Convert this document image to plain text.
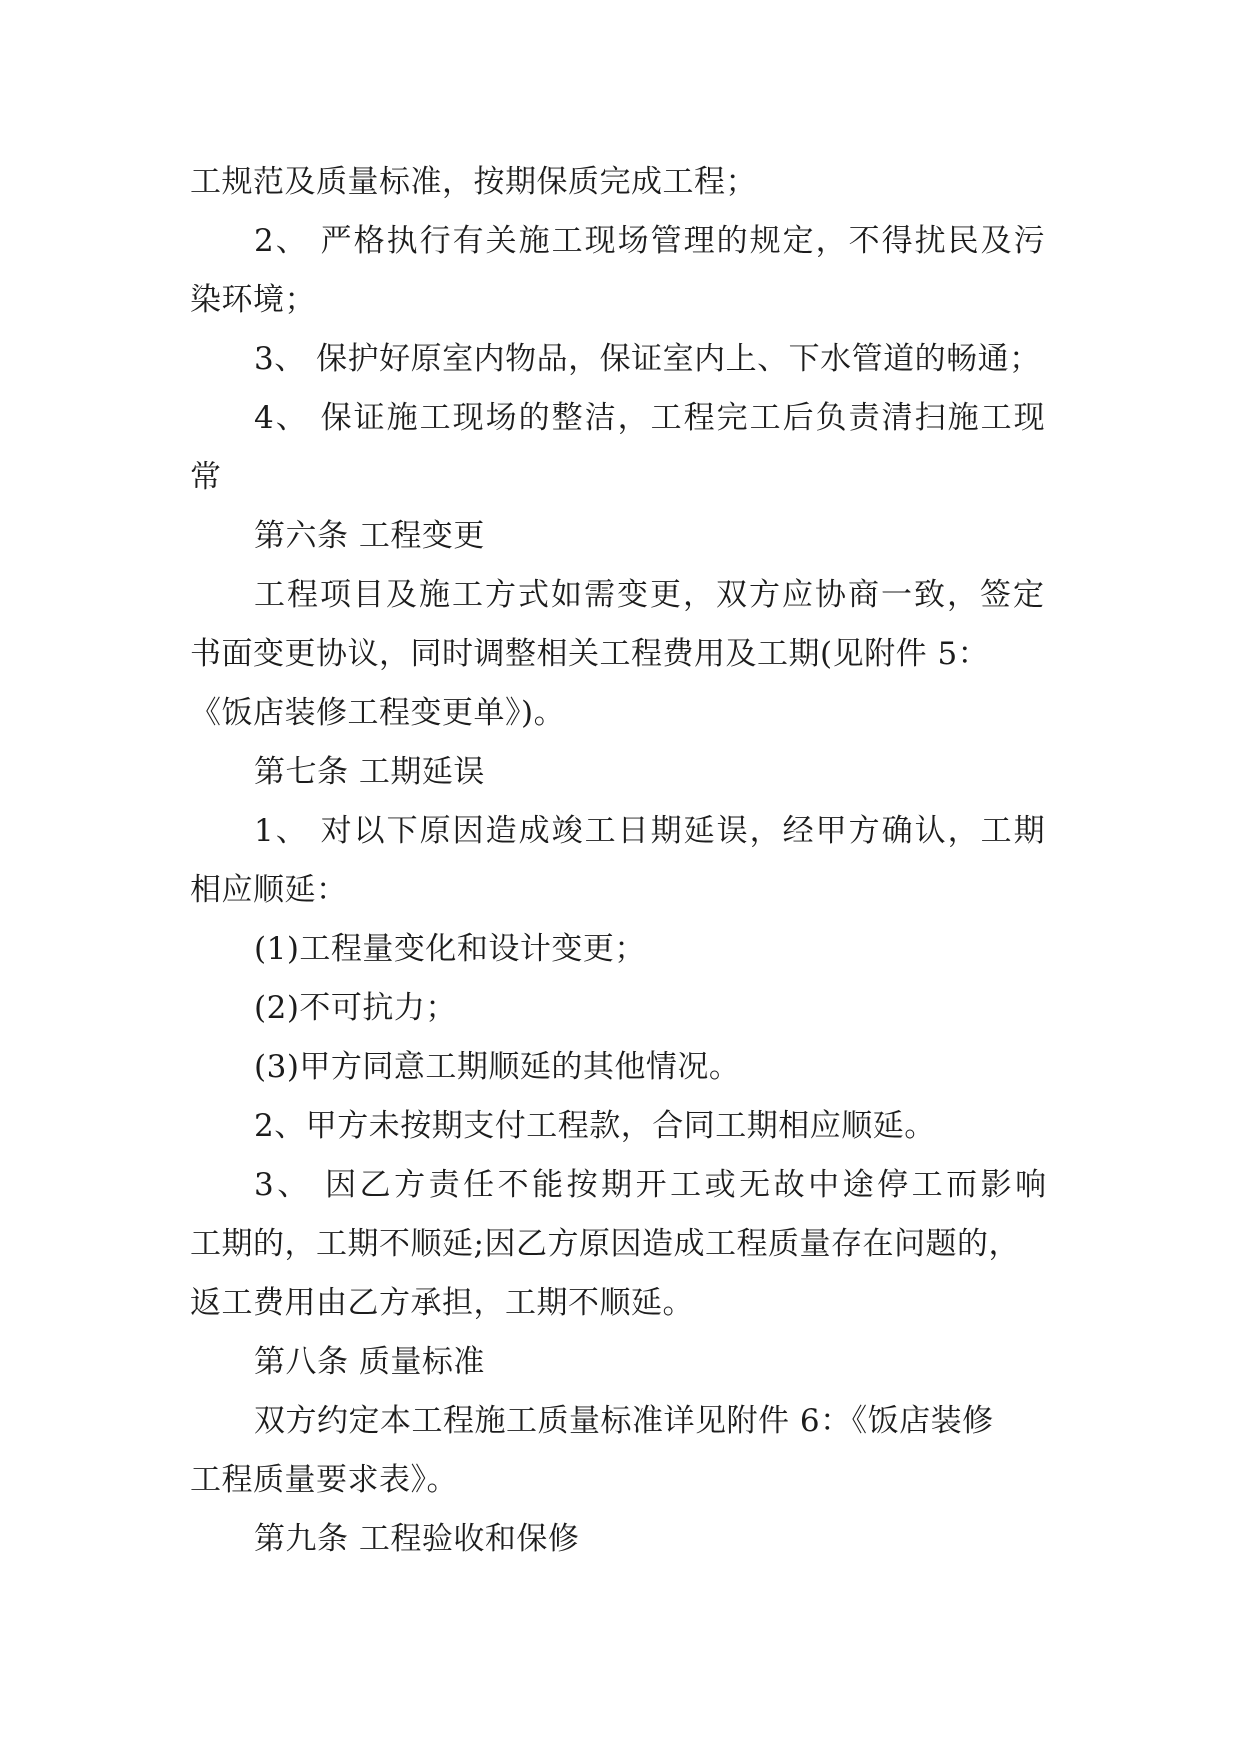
工规范及质量标准，按期保质完成工程；
2、 严格执行有关施工现场管理的规定，不得扰民及污
染环境；
3、 保护好原室内物品，保证室内上、下水管道的畅通；
4、 保证施工现场的整洁，工程完工后负责清扫施工现
常
第六条 工程变更
工程项目及施工方式如需变更，双方应协商一致，签定
书面变更协议，同时调整相关工程费用及工期(见附件 5：
《饭店装修工程变更单》)。
第七条 工期延误
1、 对以下原因造成竣工日期延误，经甲方确认，工期
相应顺延：
(1)工程量变化和设计变更；
(2)不可抗力；
(3)甲方同意工期顺延的其他情况。
2、甲方未按期支付工程款，合同工期相应顺延。
3、 因乙方责任不能按期开工或无故中途停工而影响
工期的，工期不顺延;因乙方原因造成工程质量存在问题的，
返工费用由乙方承担，工期不顺延。
第八条 质量标准
双方约定本工程施工质量标准详见附件 6：《饭店装修
工程质量要求表》。
第九条 工程验收和保修
